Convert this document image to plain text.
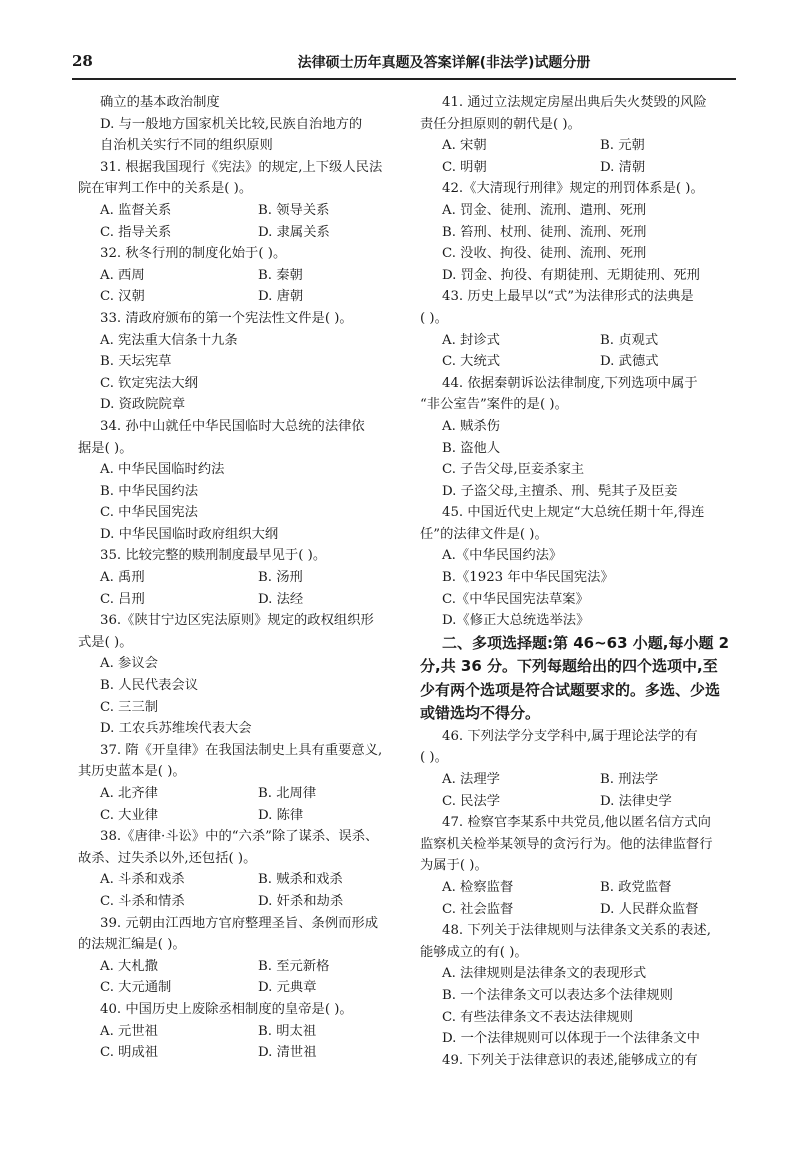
28	法律硕士历年真题及答案详解(非法学)试题分册
确立的基本政治制度
D. 与一般地方国家机关比较,民族自治地方的
自治机关实行不同的组织原则
31. 根据我国现行《宪法》的规定,上下级人民法
院在审判工作中的关系是( )。
A. 监督关系	B. 领导关系
C. 指导关系	D. 隶属关系
32. 秋冬行刑的制度化始于( )。
A. 西周	B. 秦朝
C. 汉朝	D. 唐朝
33. 清政府颁布的第一个宪法性文件是( )。
A. 宪法重大信条十九条
B. 天坛宪草
C. 钦定宪法大纲
D. 资政院院章
34. 孙中山就任中华民国临时大总统的法律依
据是( )。
A. 中华民国临时约法
B. 中华民国约法
C. 中华民国宪法
D. 中华民国临时政府组织大纲
35. 比较完整的赎刑制度最早见于( )。
A. 禹刑	B. 汤刑
C. 吕刑	D. 法经
36.《陕甘宁边区宪法原则》规定的政权组织形
式是( )。
A. 参议会
B. 人民代表会议
C. 三三制
D. 工农兵苏维埃代表大会
37. 隋《开皇律》在我国法制史上具有重要意义,
其历史蓝本是( )。
A. 北齐律	B. 北周律
C. 大业律	D. 陈律
38.《唐律·斗讼》中的“六杀”除了谋杀、误杀、
故杀、过失杀以外,还包括( )。
A. 斗杀和戏杀	B. 贼杀和戏杀
C. 斗杀和情杀	D. 奸杀和劫杀
39. 元朝由江西地方官府整理圣旨、条例而形成
的法规汇编是( )。
A. 大札撒	B. 至元新格
C. 大元通制	D. 元典章
40. 中国历史上废除丞相制度的皇帝是( )。
A. 元世祖	B. 明太祖
C. 明成祖	D. 清世祖
41. 通过立法规定房屋出典后失火焚毁的风险
责任分担原则的朝代是( )。
A. 宋朝	B. 元朝
C. 明朝	D. 清朝
42.《大清现行刑律》规定的刑罚体系是( )。
A. 罚金、徒刑、流刑、遣刑、死刑
B. 笞刑、杖刑、徒刑、流刑、死刑
C. 没收、拘役、徒刑、流刑、死刑
D. 罚金、拘役、有期徒刑、无期徒刑、死刑
43. 历史上最早以“式”为法律形式的法典是
( )。
A. 封诊式	B. 贞观式
C. 大统式	D. 武德式
44. 依据秦朝诉讼法律制度,下列选项中属于
“非公室告”案件的是( )。
A. 贼杀伤
B. 盗他人
C. 子告父母,臣妾杀家主
D. 子盗父母,主擅杀、刑、髡其子及臣妾
45. 中国近代史上规定“大总统任期十年,得连
任”的法律文件是( )。
A.《中华民国约法》
B.《1923 年中华民国宪法》
C.《中华民国宪法草案》
D.《修正大总统选举法》
二、多项选择题:第 46~63 小题,每小题 2
分,共 36 分。下列每题给出的四个选项中,至
少有两个选项是符合试题要求的。多选、少选
或错选均不得分。
46. 下列法学分支学科中,属于理论法学的有
( )。
A. 法理学	B. 刑法学
C. 民法学	D. 法律史学
47. 检察官李某系中共党员,他以匿名信方式向
监察机关检举某领导的贪污行为。他的法律监督行
为属于( )。
A. 检察监督	B. 政党监督
C. 社会监督	D. 人民群众监督
48. 下列关于法律规则与法律条文关系的表述,
能够成立的有( )。
A. 法律规则是法律条文的表现形式
B. 一个法律条文可以表达多个法律规则
C. 有些法律条文不表达法律规则
D. 一个法律规则可以体现于一个法律条文中
49. 下列关于法律意识的表述,能够成立的有
